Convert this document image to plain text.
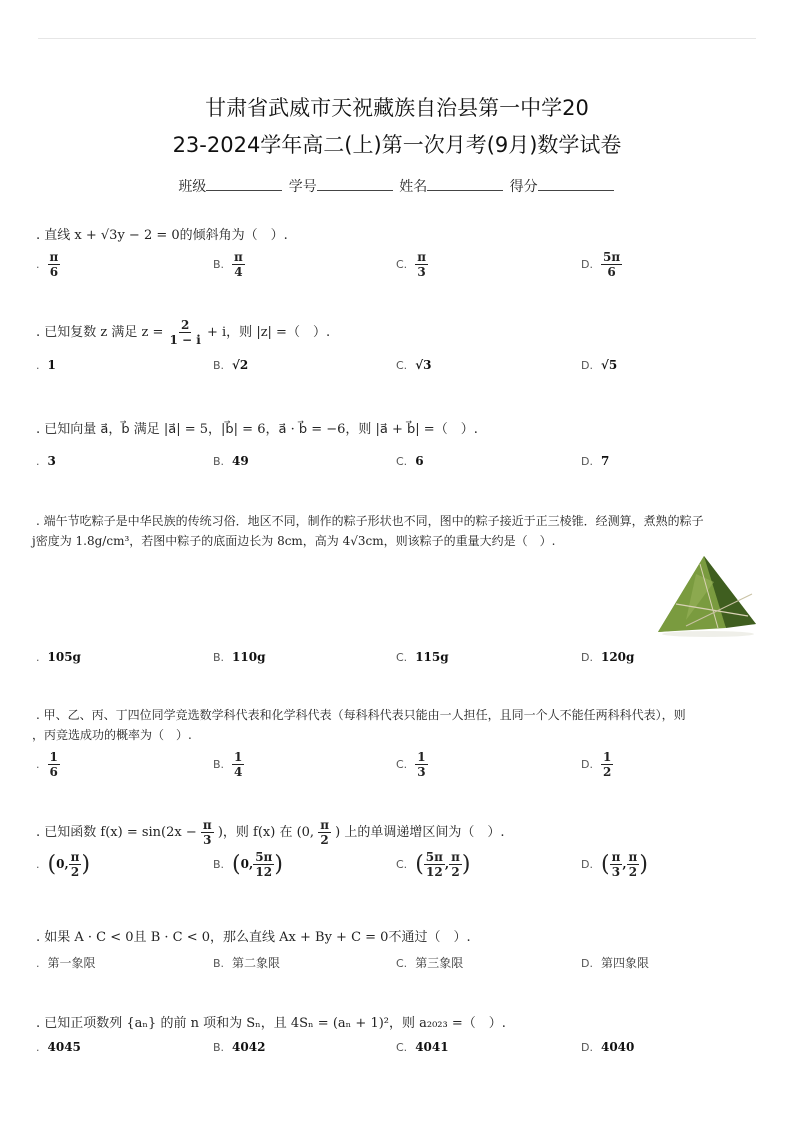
甘肃省武威市天祝藏族自治县第一中学20
23-2024学年高二(上)第一次月考(9月)数学试卷
班级	学号	姓名	得分
. 直线 x + √3y − 2 = 0的倾斜角为（　）.
. $\frac{\pi}{6}$	B. $\frac{\pi}{4}$	C. $\frac{\pi}{3}$	D. $\frac{5\pi}{6}$
. 已知复数 z 满足 $z = \frac{2}{1 - i} + i$，则 |z| =（　）.
. 1	B. √2	C. √3	D. √5
. 已知向量 a⃗，b⃗ 满足 |a⃗| = 5，|b⃗| = 6，a⃗ · b⃗ = −6，则 |a⃗ + b⃗| =（　）.
. 3	B. 49	C. 6	D. 7
. 端午节吃粽子是中华民族的传统习俗．地区不同，制作的粽子形状也不同，图中的粽子接近于正三棱锥．经测算，煮熟的粽子
j密度为 1.8g/cm³，若图中粽子的底面边长为 8cm，高为 4√3cm，则该粽子的重量大约是（　）.
. 105g	B. 110g	C. 115g	D. 120g
. 甲、乙、丙、丁四位同学竞选数学科代表和化学科代表（每科科代表只能由一人担任，且同一个人不能任两科科代表），则
，丙竞选成功的概率为（　）.
. $\frac{1}{6}$	B. $\frac{1}{4}$	C. $\frac{1}{3}$	D. $\frac{1}{2}$
. 已知函数 $f(x) = \sin(2x - \frac{\pi}{3}$ )，则 f(x) 在 (0, $\frac{\pi}{2}$ ) 上的单调递增区间为（　）.
. (0, $\frac{\pi}{2}$ )	B. (0, $\frac{5\pi}{12}$ )	C. ( $\frac{5\pi}{12}$ , $\frac{\pi}{2}$ )	D. ( $\frac{\pi}{3}$ , $\frac{\pi}{2}$ )
. 如果 A · C < 0且 B · C < 0，那么直线 Ax + By + C = 0不通过（　）.
. 第一象限	B. 第二象限	C. 第三象限	D. 第四象限
. 已知正项数列 {aₙ} 的前 n 项和为 Sₙ，且 4Sₙ = (aₙ + 1)²，则 a₂₀₂₃ =（　）.
. 4045	B. 4042	C. 4041	D. 4040
